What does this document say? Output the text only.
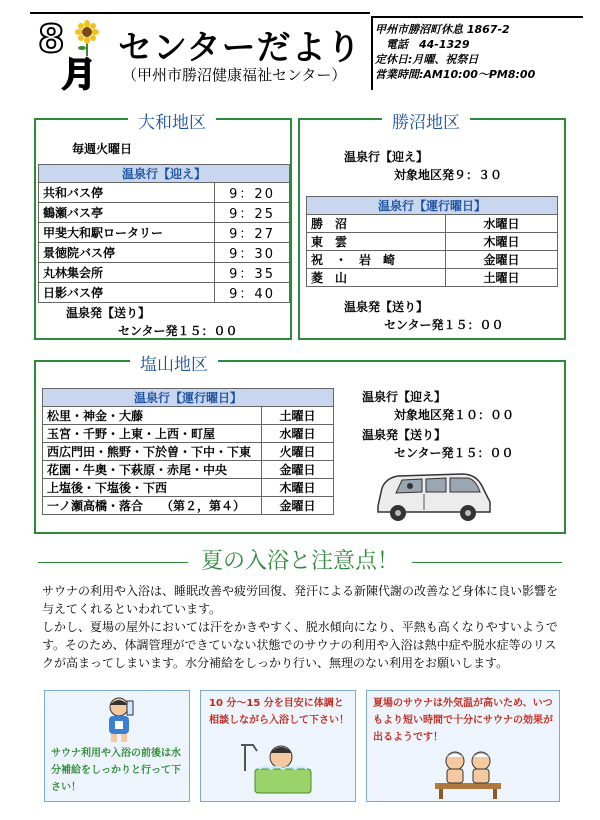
8
月
センターだより
（甲州市勝沼健康福祉センター）
甲州市勝沼町休息 1867-2
　電話　44-1329
定休日:月曜、祝祭日
営業時間:AM10:00～PM8:00
大和地区
毎週火曜日
温泉行【迎え】	
共和バス停	9：20
鶴瀬バス亭	9：25
甲斐大和駅ロータリー	9：27
景徳院バス停	9：30
丸林集会所	9：35
日影バス停	9：40
温泉発【送り】
センター発１５：００
勝沼地区
温泉行【迎え】
対象地区発９：３０
温泉行【運行曜日】	
勝　沼	水曜日
東　雲	木曜日
祝　・　岩　崎	金曜日
菱　山	土曜日
温泉発【送り】
センター発１５：００
塩山地区
温泉行【運行曜日】	
松里・神金・大藤	土曜日
玉宮・千野・上東・上西・町屋	水曜日
西広門田・熊野・下於曽・下中・下東	火曜日
花園・牛奥・下萩原・赤尾・中央	金曜日
上塩後・下塩後・下西	木曜日
一ノ瀬高橋・落合　　（第２，第４）	金曜日
温泉行【迎え】
対象地区発１０：００
温泉発【送り】
センター発１５：００
夏の入浴と注意点！
サウナの利用や入浴は、睡眠改善や疲労回復、発汗による新陳代謝の改善など身体に良い影響を与えてくれるといわれています。
しかし、夏場の屋外においては汗をかきやすく、脱水傾向になり、平熱も高くなりやすいようです。そのため、体調管理ができていない状態でのサウナの利用や入浴は熱中症や脱水症等のリスクが高まってしまいます。水分補給をしっかり行い、無理のない利用をお願いします。
サウナ利用や入浴の前後は水分補給をしっかりと行って下さい！
10 分～15 分を目安に体調と相談しながら入浴して下さい！
夏場のサウナは外気温が高いため、いつもより短い時間で十分にサウナの効果が出るようです！
